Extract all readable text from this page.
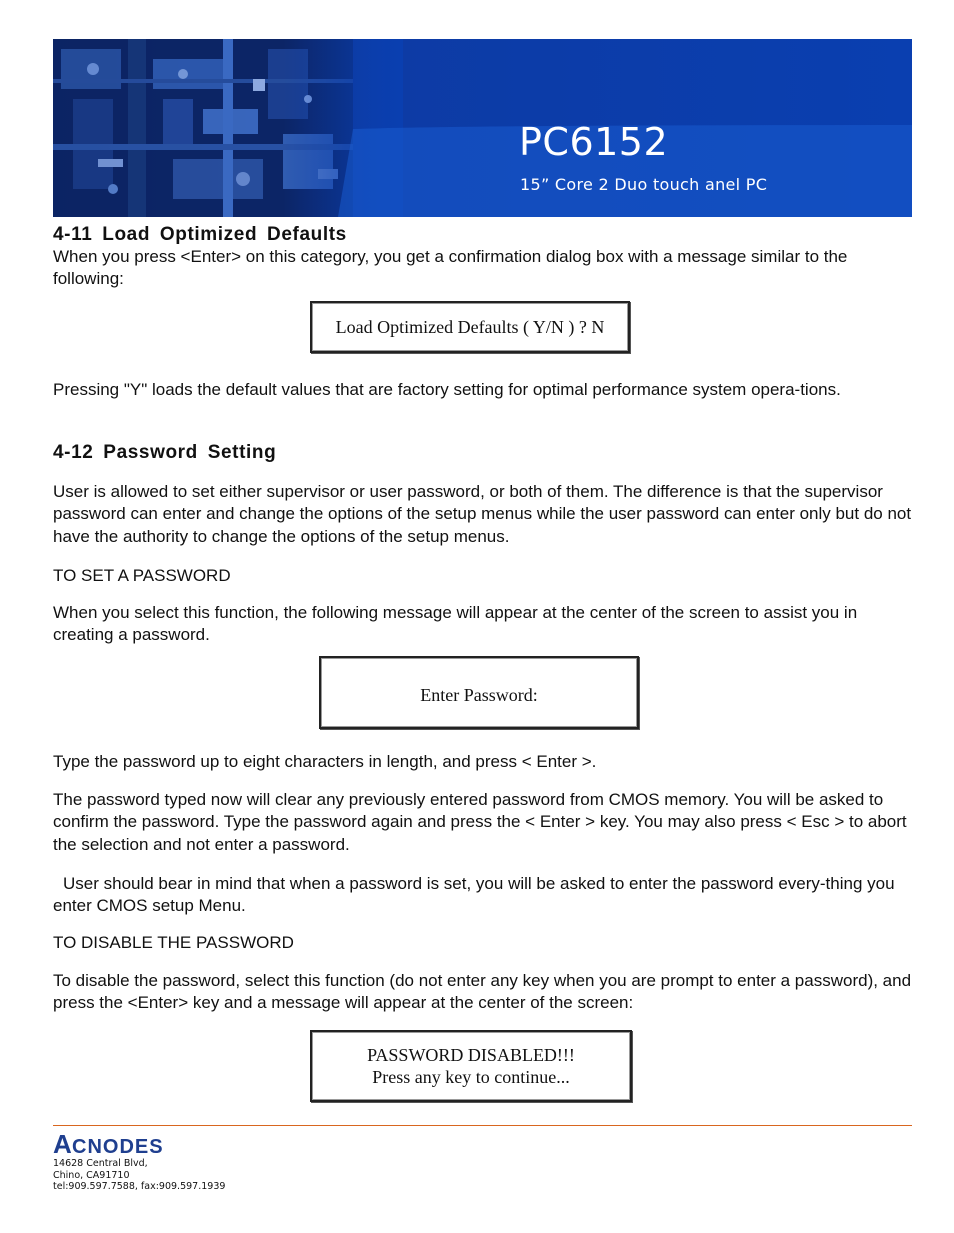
PC6152
15” Core 2 Duo touch anel PC
4-11 Load Optimized Defaults

When you press <Enter> on this category, you get a confirmation dialog box with a message similar to the following:

Load Optimized Defaults ( Y/N ) ? N

Pressing "Y" loads the default values that are factory setting for optimal performance system opera-tions.

4-12 Password Setting

User is allowed to set either supervisor or user password, or both of them. The difference is that the supervisor password can enter and change the options of the setup menus while the user password can enter only but do not have the authority to change the options of the setup menus.

TO SET A PASSWORD

When you select this function, the following message will appear at the center of the screen to assist you in creating a password.

Enter Password:

Type the password up to eight characters in length, and press < Enter >.

The password typed now will clear any previously entered password from CMOS memory. You will be asked to confirm the password. Type the password again and press the < Enter > key. You may also press < Esc > to abort the selection and not enter a password.

User should bear in mind that when a password is set, you will be asked to enter the password every-thing you enter CMOS setup Menu.

TO DISABLE THE PASSWORD

To disable the password, select this function (do not enter any key when you are prompt to enter a password), and press the <Enter> key and a message will appear at the center of the screen:

PASSWORD DISABLED!!!
Press any key to continue...
A CNODES
14628 Central Blvd,
Chino, CA91710
tel:909.597.7588, fax:909.597.1939
